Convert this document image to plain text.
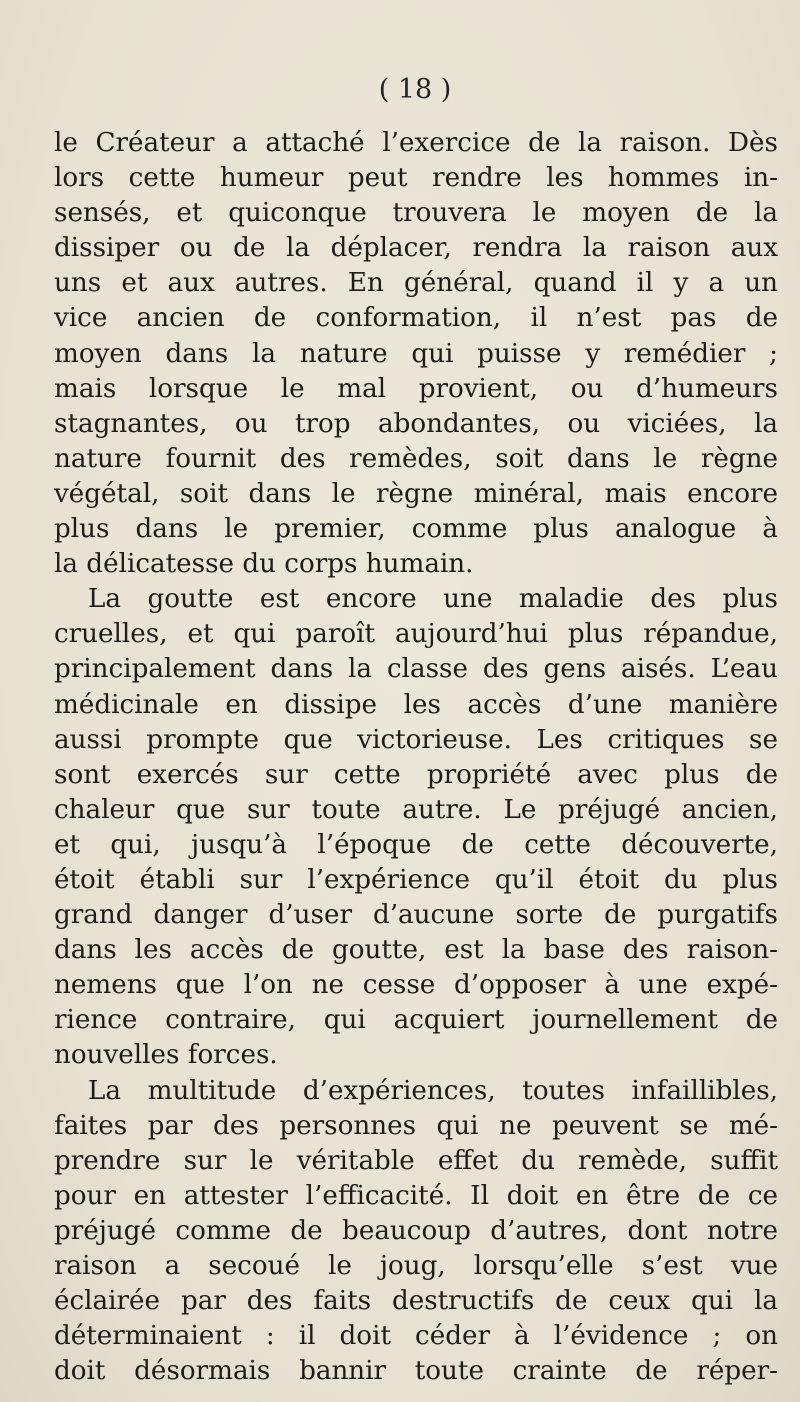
( 18 )
le Créateur a attaché l’exercice de la raison. Dès
lors cette humeur peut rendre les hommes in-
sensés, et quiconque trouvera le moyen de la
dissiper ou de la déplacer, rendra la raison aux
uns et aux autres. En général, quand il y a un
vice ancien de conformation, il n’est pas de
moyen dans la nature qui puisse y remédier ;
mais lorsque le mal provient, ou d’humeurs
stagnantes, ou trop abondantes, ou viciées, la
nature fournit des remèdes, soit dans le règne
végétal, soit dans le règne minéral, mais encore
plus dans le premier, comme plus analogue à
la délicatesse du corps humain.
La goutte est encore une maladie des plus
cruelles, et qui paroît aujourd’hui plus répandue,
principalement dans la classe des gens aisés. L’eau
médicinale en dissipe les accès d’une manière
aussi prompte que victorieuse. Les critiques se
sont exercés sur cette propriété avec plus de
chaleur que sur toute autre. Le préjugé ancien,
et qui, jusqu’à l’époque de cette découverte,
étoit établi sur l’expérience qu’il étoit du plus
grand danger d’user d’aucune sorte de purgatifs
dans les accès de goutte, est la base des raison-
nemens que l’on ne cesse d’opposer à une expé-
rience contraire, qui acquiert journellement de
nouvelles forces.
La multitude d’expériences, toutes infaillibles,
faites par des personnes qui ne peuvent se mé-
prendre sur le véritable effet du remède, suffit
pour en attester l’efficacité. Il doit en être de ce
préjugé comme de beaucoup d’autres, dont notre
raison a secoué le joug, lorsqu’elle s’est vue
éclairée par des faits destructifs de ceux qui la
déterminaient : il doit céder à l’évidence ; on
doit désormais bannir toute crainte de réper-
